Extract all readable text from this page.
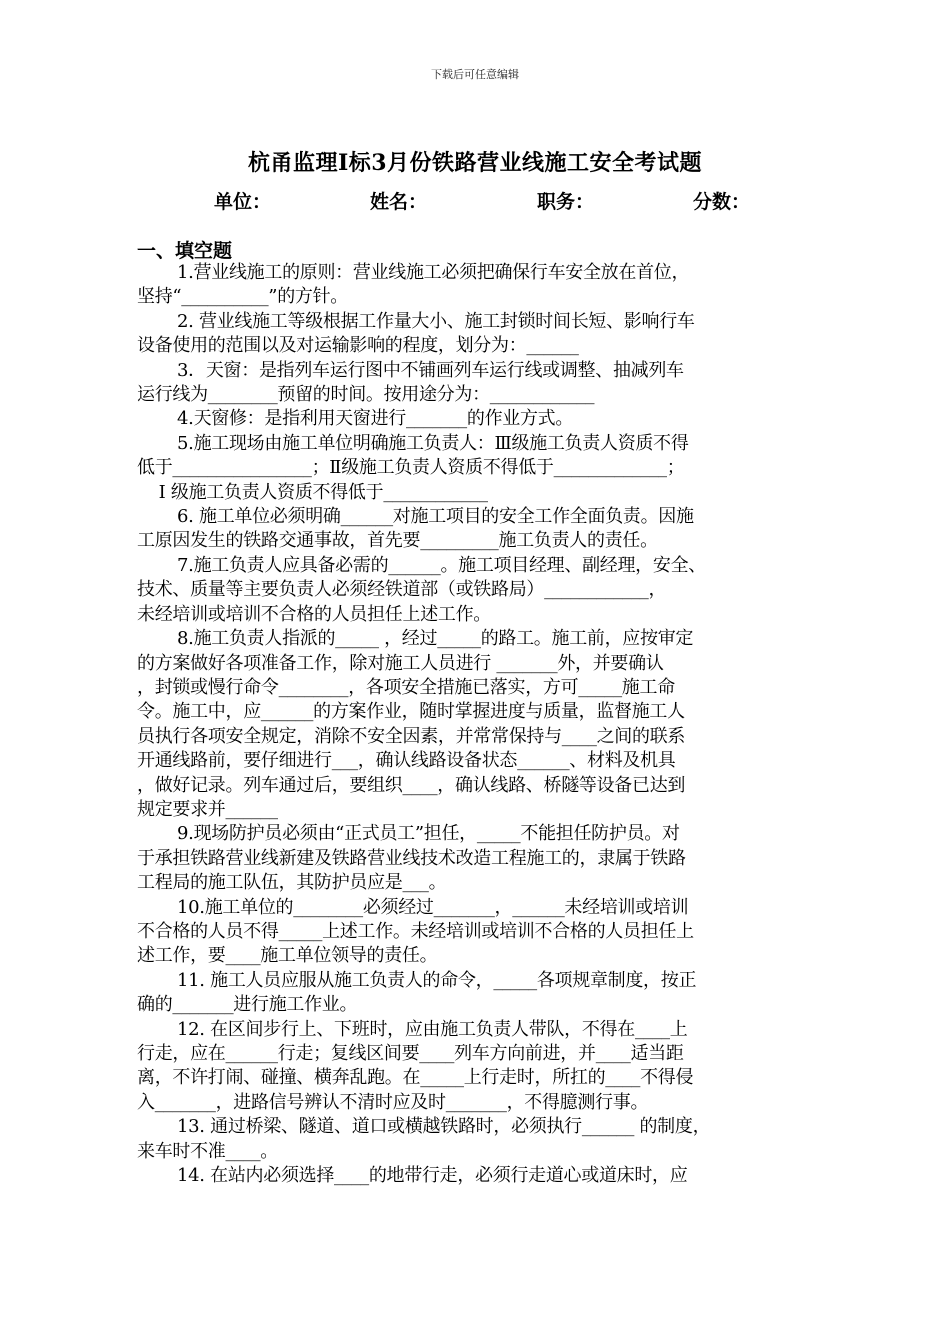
下载后可任意编辑
杭甬监理I标3月份铁路营业线施工安全考试题
单位：	姓名：	职务：	分数：
一、填空题

1.营业线施工的原则：营业线施工必须把确保行车安全放在首位，
坚持“__________”的方针。

2. 营业线施工等级根据工作量大小、施工封锁时间长短、影响行车
设备使用的范围以及对运输影响的程度，划分为：______

3．天窗：是指列车运行图中不铺画列车运行线或调整、抽减列车
运行线为________预留的时间。按用途分为：____________

4.天窗修：是指利用天窗进行_______的作业方式。

5.施工现场由施工单位明确施工负责人：Ⅲ级施工负责人资质不得
低于________________；Ⅱ级施工负责人资质不得低于_____________；
Ⅰ 级施工负责人资质不得低于____________

6. 施工单位必须明确______对施工项目的安全工作全面负责。因施
工原因发生的铁路交通事故，首先要_________施工负责人的责任。

7.施工负责人应具备必需的______。施工项目经理、副经理，安全、
技术、质量等主要负责人必须经铁道部（或铁路局）____________，
未经培训或培训不合格的人员担任上述工作。

8.施工负责人指派的_____ ，经过_____的路工。施工前，应按审定
的方案做好各项准备工作，除对施工人员进行 _______外，并要确认
，封锁或慢行命令________，各项安全措施已落实，方可_____施工命
令。施工中，应______的方案作业，随时掌握进度与质量，监督施工人
员执行各项安全规定，消除不安全因素，并常常保持与____之间的联系
开通线路前，要仔细进行___，确认线路设备状态______、材料及机具
，做好记录。列车通过后，要组织____，确认线路、桥隧等设备已达到
规定要求并______

9.现场防护员必须由“正式员工”担任，_____不能担任防护员。对
于承担铁路营业线新建及铁路营业线技术改造工程施工的，隶属于铁路
工程局的施工队伍，其防护员应是___。

10.施工单位的________必须经过_______，______未经培训或培训
不合格的人员不得_____上述工作。未经培训或培训不合格的人员担任上
述工作，要____施工单位领导的责任。

11. 施工人员应服从施工负责人的命令，_____各项规章制度，按正
确的_______进行施工作业。

12. 在区间步行上、下班时，应由施工负责人带队，不得在____上
行走，应在______行走；复线区间要____列车方向前进，并____适当距
离，不许打闹、碰撞、横奔乱跑。在_____上行走时，所扛的____不得侵
入_______，进路信号辨认不清时应及时_______，不得臆测行事。

13. 通过桥梁、隧道、道口或横越铁路时，必须执行______ 的制度，
来车时不准____。

14. 在站内必须选择____的地带行走，必须行走道心或道床时，应
